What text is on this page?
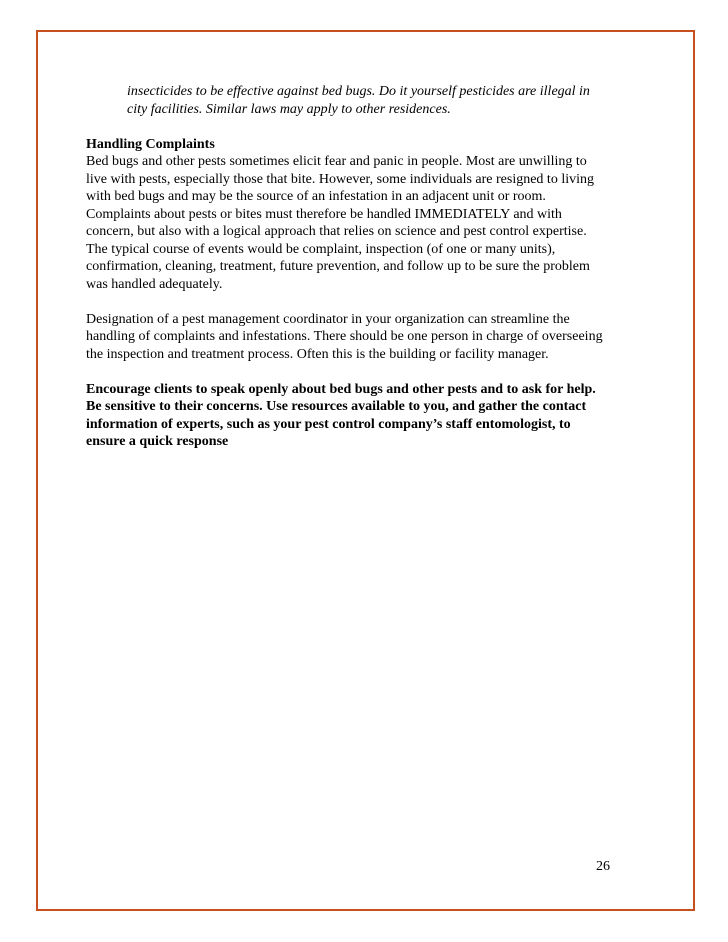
insecticides to be effective against bed bugs. Do it yourself pesticides are illegal in

city facilities. Similar laws may apply to other residences.

Handling Complaints

Bed bugs and other pests sometimes elicit fear and panic in people. Most are unwilling to

live with pests, especially those that bite. However, some individuals are resigned to living

with bed bugs and may be the source of an infestation in an adjacent unit or room.

Complaints about pests or bites must therefore be handled IMMEDIATELY and with

concern, but also with a logical approach that relies on science and pest control expertise.

The typical course of events would be complaint, inspection (of one or many units),

confirmation, cleaning, treatment, future prevention, and follow up to be sure the problem

was handled adequately.

Designation of a pest management coordinator in your organization can streamline the

handling of complaints and infestations. There should be one person in charge of overseeing

the inspection and treatment process. Often this is the building or facility manager.

Encourage clients to speak openly about bed bugs and other pests and to ask for help.

Be sensitive to their concerns. Use resources available to you, and gather the contact

information of experts, such as your pest control company’s staff entomologist, to

ensure a quick response

26
